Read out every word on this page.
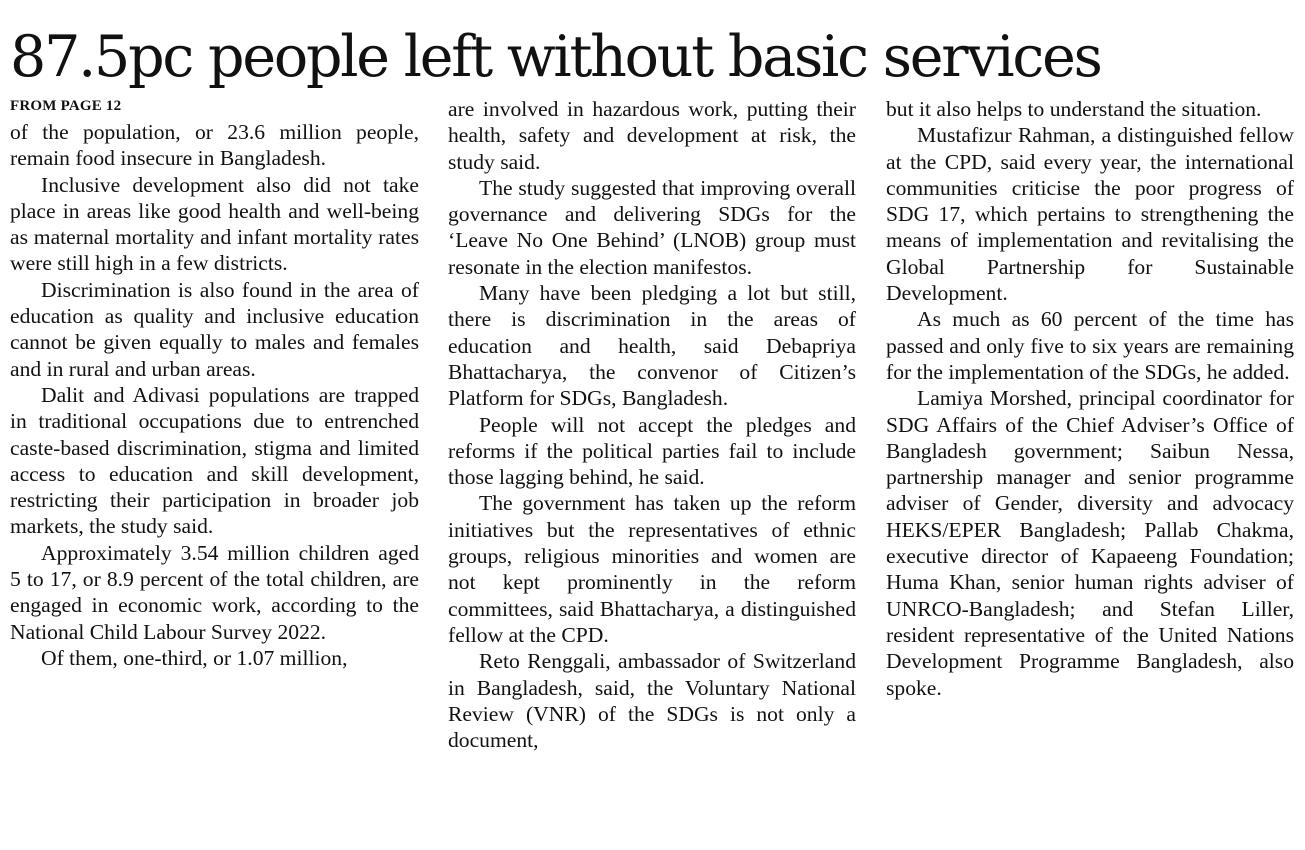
87.5pc people left without basic services
FROM PAGE 12

of the population, or 23.6 million people, remain food insecure in Bangladesh.

Inclusive development also did not take place in areas like good health and well-being as maternal mortality and infant mortality rates were still high in a few districts.

Discrimination is also found in the area of education as quality and inclusive education cannot be given equally to males and females and in rural and urban areas.

Dalit and Adivasi populations are trapped in traditional occupations due to entrenched caste-based discrimination, stigma and limited access to education and skill development, restricting their participation in broader job markets, the study said.

Approximately 3.54 million children aged 5 to 17, or 8.9 percent of the total children, are engaged in economic work, according to the National Child Labour Survey 2022.

Of them, one-third, or 1.07 million,

are involved in hazardous work, putting their health, safety and development at risk, the study said.

The study suggested that improving overall governance and delivering SDGs for the ‘Leave No One Behind’ (LNOB) group must resonate in the election manifestos.

Many have been pledging a lot but still, there is discrimination in the areas of education and health, said Debapriya Bhattacharya, the convenor of Citizen’s Platform for SDGs, Bangladesh.

People will not accept the pledges and reforms if the political parties fail to include those lagging behind, he said.

The government has taken up the reform initiatives but the representatives of ethnic groups, religious minorities and women are not kept prominently in the reform committees, said Bhattacharya, a distinguished fellow at the CPD.

Reto Renggali, ambassador of Switzerland in Bangladesh, said, the Voluntary National Review (VNR) of the SDGs is not only a document,

but it also helps to understand the situation.

Mustafizur Rahman, a distinguished fellow at the CPD, said every year, the international communities criticise the poor progress of SDG 17, which pertains to strengthening the means of implementation and revitalising the Global Partnership for Sustainable Development.

As much as 60 percent of the time has passed and only five to six years are remaining for the implementation of the SDGs, he added.

Lamiya Morshed, principal coordinator for SDG Affairs of the Chief Adviser’s Office of Bangladesh government; Saibun Nessa, partnership manager and senior programme adviser of Gender, diversity and advocacy HEKS/EPER Bangladesh; Pallab Chakma, executive director of Kapaeeng Foundation; Huma Khan, senior human rights adviser of UNRCO-Bangladesh; and Stefan Liller, resident representative of the United Nations Development Programme Bangladesh, also spoke.
